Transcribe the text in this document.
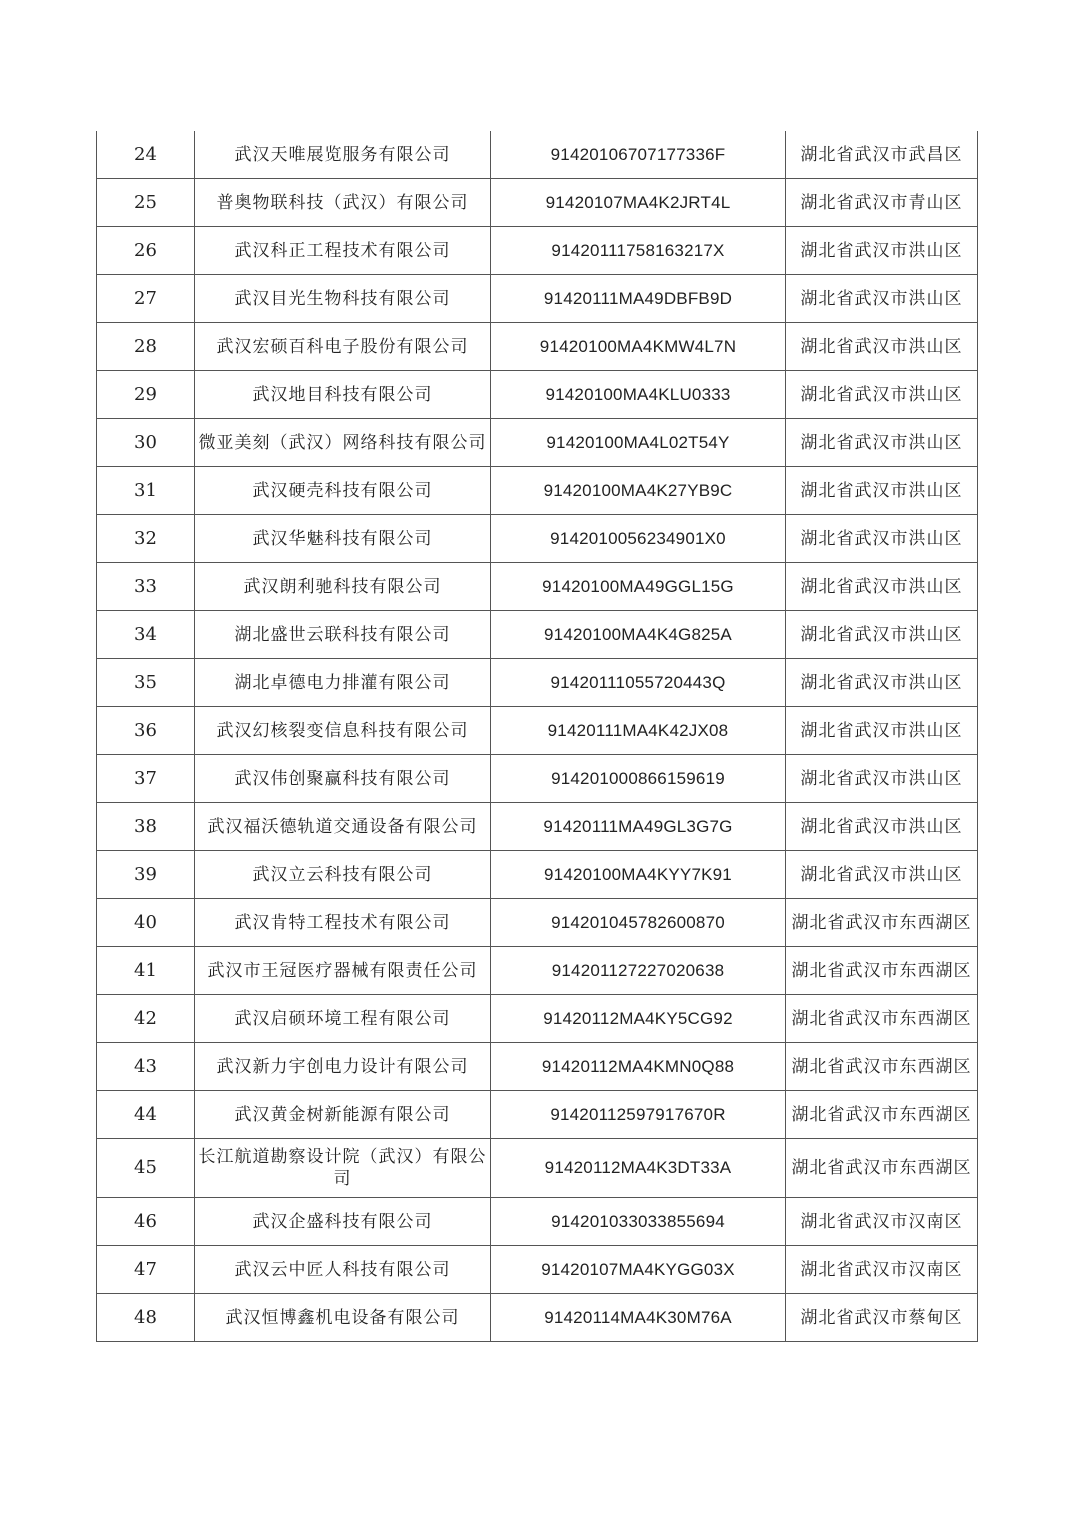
24	武汉天唯展览服务有限公司	91420106707177336F	湖北省武汉市武昌区
25	普奥物联科技（武汉）有限公司	91420107MA4K2JRT4L	湖北省武汉市青山区
26	武汉科正工程技术有限公司	91420111758163217X	湖北省武汉市洪山区
27	武汉目光生物科技有限公司	91420111MA49DBFB9D	湖北省武汉市洪山区
28	武汉宏硕百科电子股份有限公司	91420100MA4KMW4L7N	湖北省武汉市洪山区
29	武汉地目科技有限公司	91420100MA4KLU0333	湖北省武汉市洪山区
30	微亚美刻（武汉）网络科技有限公司	91420100MA4L02T54Y	湖北省武汉市洪山区
31	武汉硬壳科技有限公司	91420100MA4K27YB9C	湖北省武汉市洪山区
32	武汉华魅科技有限公司	9142010056234901X0	湖北省武汉市洪山区
33	武汉朗利驰科技有限公司	91420100MA49GGL15G	湖北省武汉市洪山区
34	湖北盛世云联科技有限公司	91420100MA4K4G825A	湖北省武汉市洪山区
35	湖北卓德电力排灌有限公司	91420111055720443Q	湖北省武汉市洪山区
36	武汉幻核裂变信息科技有限公司	91420111MA4K42JX08	湖北省武汉市洪山区
37	武汉伟创聚赢科技有限公司	914201000866159619	湖北省武汉市洪山区
38	武汉福沃德轨道交通设备有限公司	91420111MA49GL3G7G	湖北省武汉市洪山区
39	武汉立云科技有限公司	91420100MA4KYY7K91	湖北省武汉市洪山区
40	武汉肯特工程技术有限公司	914201045782600870	湖北省武汉市东西湖区
41	武汉市王冠医疗器械有限责任公司	914201127227020638	湖北省武汉市东西湖区
42	武汉启硕环境工程有限公司	91420112MA4KY5CG92	湖北省武汉市东西湖区
43	武汉新力宇创电力设计有限公司	91420112MA4KMN0Q88	湖北省武汉市东西湖区
44	武汉黄金树新能源有限公司	91420112597917670R	湖北省武汉市东西湖区
45	长江航道勘察设计院（武汉）有限公司	91420112MA4K3DT33A	湖北省武汉市东西湖区
46	武汉企盛科技有限公司	914201033033855694	湖北省武汉市汉南区
47	武汉云中匠人科技有限公司	91420107MA4KYGG03X	湖北省武汉市汉南区
48	武汉恒博鑫机电设备有限公司	91420114MA4K30M76A	湖北省武汉市蔡甸区
